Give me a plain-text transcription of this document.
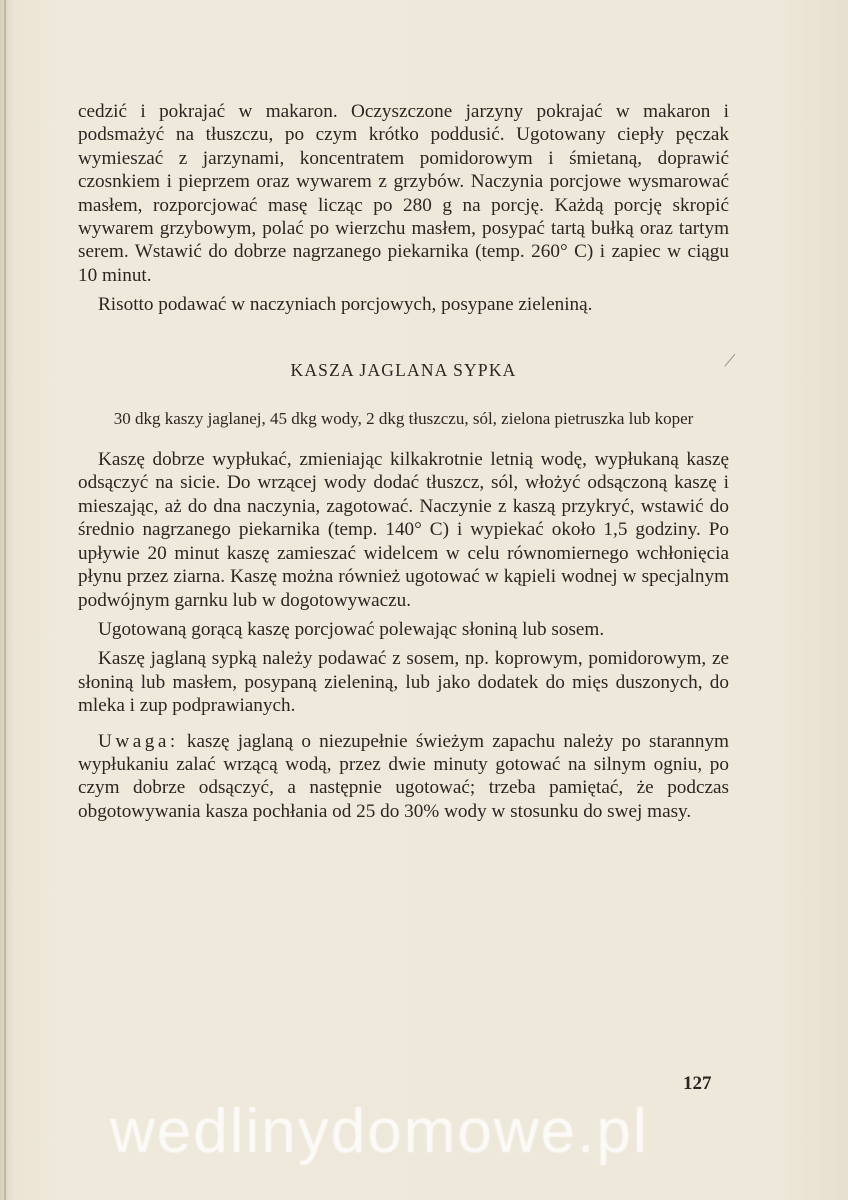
cedzić i pokrajać w makaron. Oczyszczone jarzyny pokrajać w makaron i podsmażyć na tłuszczu, po czym krótko poddusić. Ugotowany ciepły pęczak wymieszać z jarzynami, koncentratem pomidorowym i śmietaną, doprawić czosnkiem i pieprzem oraz wywarem z grzybów. Naczynia porcjowe wysmarować masłem, rozporcjować masę licząc po 280 g na porcję. Każdą porcję skropić wywarem grzybowym, polać po wierzchu masłem, posypać tartą bułką oraz tartym serem. Wstawić do dobrze nagrzanego piekarnika (temp. 260° C) i zapiec w ciągu 10 minut.

Risotto podawać w naczyniach porcjowych, posypane zieleniną.

KASZA JAGLANA SYPKA
30 dkg kaszy jaglanej, 45 dkg wody, 2 dkg tłuszczu, sól, zielona pietruszka lub koper

Kaszę dobrze wypłukać, zmieniając kilkakrotnie letnią wodę, wypłukaną kaszę odsączyć na sicie. Do wrzącej wody dodać tłuszcz, sól, włożyć odsączoną kaszę i mieszając, aż do dna naczynia, zagotować. Naczynie z kaszą przykryć, wstawić do średnio nagrzanego piekarnika (temp. 140° C) i wypiekać około 1,5 godziny. Po upływie 20 minut kaszę zamieszać widelcem w celu równomiernego wchłonięcia płynu przez ziarna. Kaszę można również ugotować w kąpieli wodnej w specjalnym podwójnym garnku lub w dogotowywaczu.

Ugotowaną gorącą kaszę porcjować polewając słoniną lub sosem.

Kaszę jaglaną sypką należy podawać z sosem, np. koprowym, pomidorowym, ze słoniną lub masłem, posypaną zieleniną, lub jako dodatek do mięs duszonych, do mleka i zup podprawianych.

Uwaga: kaszę jaglaną o niezupełnie świeżym zapachu należy po starannym wypłukaniu zalać wrzącą wodą, przez dwie minuty gotować na silnym ogniu, po czym dobrze odsączyć, a następnie ugotować; trzeba pamiętać, że podczas obgotowywania kasza pochłania od 25 do 30% wody w stosunku do swej masy.

127
wedlinydomowe.pl
